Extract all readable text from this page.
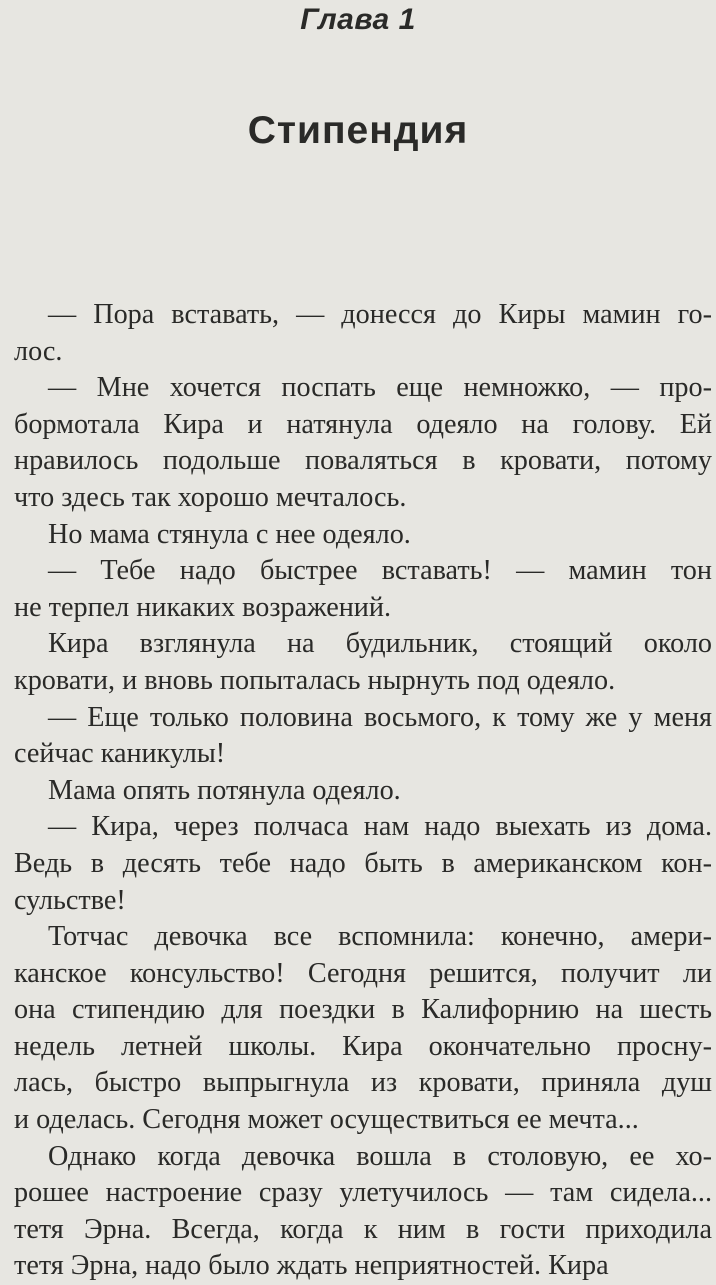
Глава 1
Стипендия
— Пора вставать, — донесся до Киры мамин го-
лос.
— Мне хочется поспать еще немножко, — про-
бормотала Кира и натянула одеяло на голову. Ей
нравилось подольше поваляться в кровати, потому
что здесь так хорошо мечталось.
Но мама стянула с нее одеяло.
— Тебе надо быстрее вставать! — мамин тон
не терпел никаких возражений.
Кира взглянула на будильник, стоящий около
кровати, и вновь попыталась нырнуть под одеяло.
— Еще только половина восьмого, к тому же у меня
сейчас каникулы!
Мама опять потянула одеяло.
— Кира, через полчаса нам надо выехать из дома.
Ведь в десять тебе надо быть в американском кон-
сульстве!
Тотчас девочка все вспомнила: конечно, амери-
канское консульство! Сегодня решится, получит ли
она стипендию для поездки в Калифорнию на шесть
недель летней школы. Кира окончательно просну-
лась, быстро выпрыгнула из кровати, приняла душ
и оделась. Сегодня может осуществиться ее мечта...
Однако когда девочка вошла в столовую, ее хо-
рошее настроение сразу улетучилось — там сидела...
тетя Эрна. Всегда, когда к ним в гости приходила
тетя Эрна, надо было ждать неприятностей. Кира
